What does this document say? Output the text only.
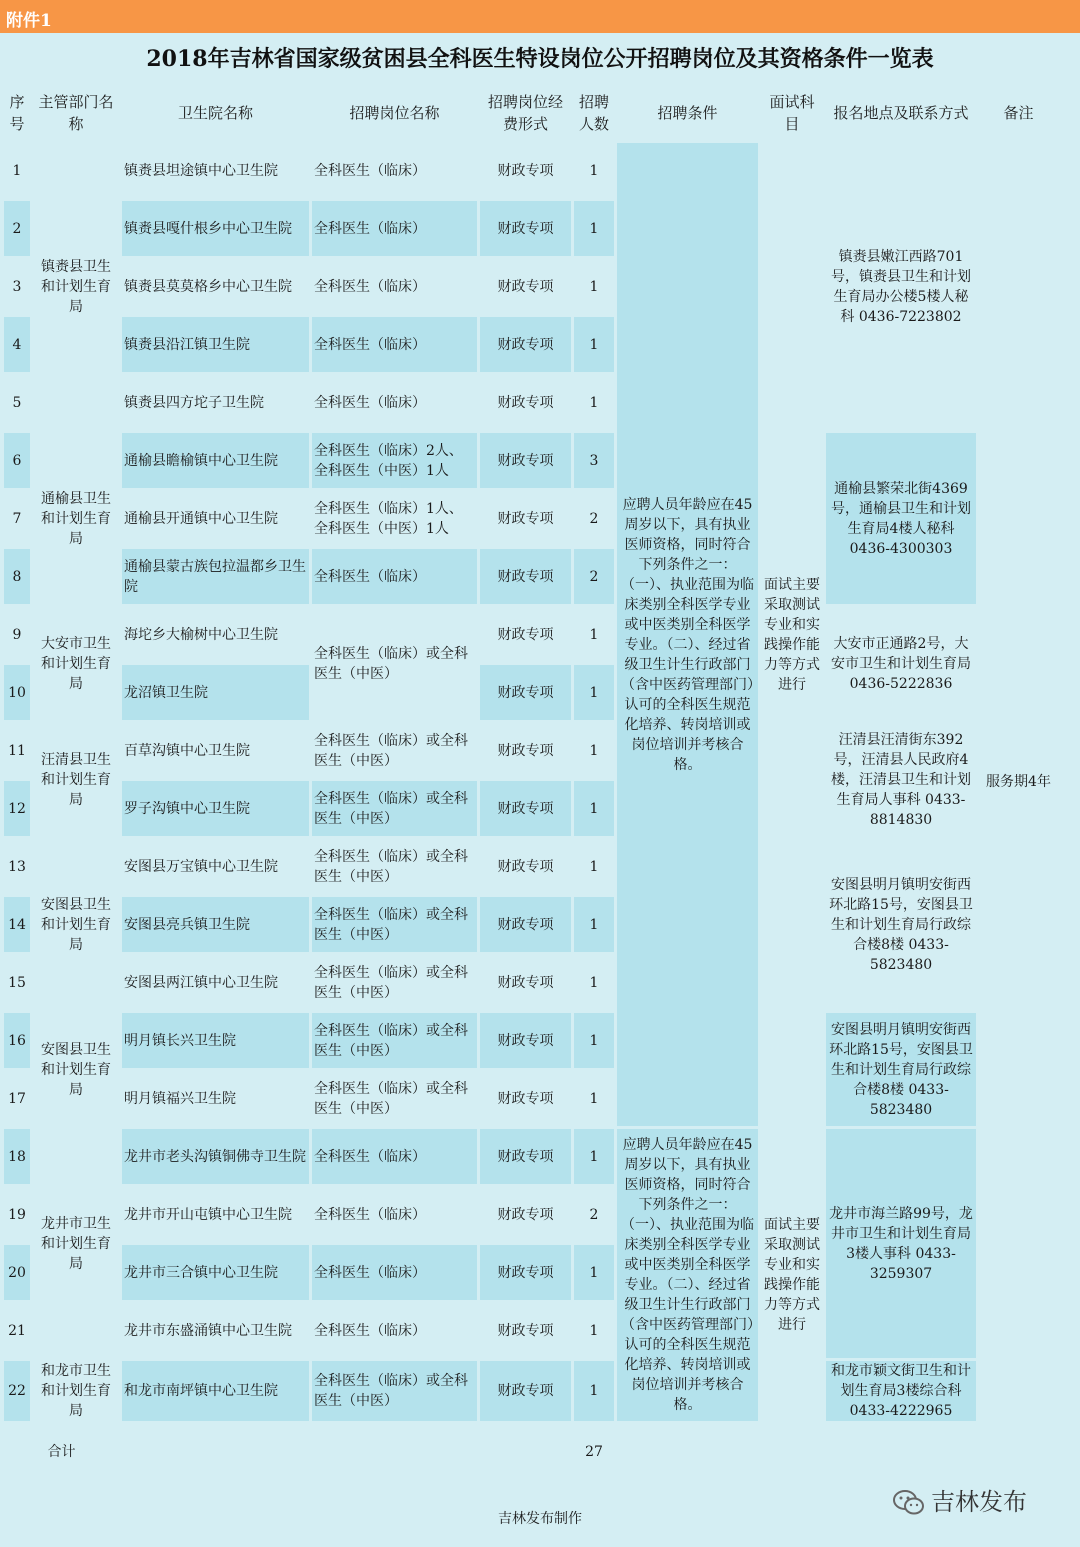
附件1
2018年吉林省国家级贫困县全科医生特设岗位公开招聘岗位及其资格条件一览表
序号	主管部门名称	卫生院名称	招聘岗位名称	招聘岗位经费形式	招聘人数	招聘条件	面试科目	报名地点及联系方式	备注
1	镇赉县卫生和计划生育局	镇赉县坦途镇中心卫生院	全科医生（临床）	财政专项	1	应聘人员年龄应在45周岁以下，具有执业医师资格，同时符合下列条件之一：（一）、执业范围为临床类别全科医学专业或中医类别全科医学专业。（二）、经过省级卫生计生行政部门（含中医药管理部门）认可的全科医生规范化培养、转岗培训或岗位培训并考核合格。	面试主要采取测试专业和实践操作能力等方式进行	镇赉县嫩江西路701号，镇赉县卫生和计划生育局办公楼5楼人秘科 0436-7223802	服务期4年
2		镇赉县嘎什根乡中心卫生院	全科医生（临床）	财政专项	1				
3		镇赉县莫莫格乡中心卫生院	全科医生（临床）	财政专项	1				
4		镇赉县沿江镇卫生院	全科医生（临床）	财政专项	1				
5		镇赉县四方坨子卫生院	全科医生（临床）	财政专项	1				
6	通榆县卫生和计划生育局	通榆县瞻榆镇中心卫生院	全科医生（临床）2人、全科医生（中医）1人	财政专项	3			通榆县繁荣北街4369号，通榆县卫生和计划生育局4楼人秘科 0436-4300303	
7		通榆县开通镇中心卫生院	全科医生（临床）1人、全科医生（中医）1人	财政专项	2				
8		通榆县蒙古族包拉温都乡卫生院	全科医生（临床）	财政专项	2				
9	大安市卫生和计划生育局	海坨乡大榆树中心卫生院	全科医生（临床）或全科医生（中医）	财政专项	1			大安市正通路2号，大安市卫生和计划生育局 0436-5222836	
10		龙沼镇卫生院		财政专项	1				
11	汪清县卫生和计划生育局	百草沟镇中心卫生院	全科医生（临床）或全科医生（中医）	财政专项	1			汪清县汪清街东392号，汪清县人民政府4楼，汪清县卫生和计划生育局人事科 0433-8814830	
12		罗子沟镇中心卫生院	全科医生（临床）或全科医生（中医）	财政专项	1				
13	安图县卫生和计划生育局	安图县万宝镇中心卫生院	全科医生（临床）或全科医生（中医）	财政专项	1			安图县明月镇明安街西环北路15号，安图县卫生和计划生育局行政综合楼8楼 0433-5823480	
14		安图县亮兵镇卫生院	全科医生（临床）或全科医生（中医）	财政专项	1				
15		安图县两江镇中心卫生院	全科医生（临床）或全科医生（中医）	财政专项	1				
16	安图县卫生和计划生育局	明月镇长兴卫生院	全科医生（临床）或全科医生（中医）	财政专项	1			安图县明月镇明安街西环北路15号，安图县卫生和计划生育局行政综合楼8楼 0433-5823480	
17		明月镇福兴卫生院	全科医生（临床）或全科医生（中医）	财政专项	1				
18	龙井市卫生和计划生育局	龙井市老头沟镇铜佛寺卫生院	全科医生（临床）	财政专项	1	应聘人员年龄应在45周岁以下，具有执业医师资格，同时符合下列条件之一：（一）、执业范围为临床类别全科医学专业或中医类别全科医学专业。（二）、经过省级卫生计生行政部门（含中医药管理部门）认可的全科医生规范化培养、转岗培训或岗位培训并考核合格。	面试主要采取测试专业和实践操作能力等方式进行	龙井市海兰路99号，龙井市卫生和计划生育局3楼人事科 0433-3259307	
19		龙井市开山屯镇中心卫生院	全科医生（临床）	财政专项	2				
20		龙井市三合镇中心卫生院	全科医生（临床）	财政专项	1				
21		龙井市东盛涌镇中心卫生院	全科医生（临床）	财政专项	1				
22	和龙市卫生和计划生育局	和龙市南坪镇中心卫生院	全科医生（临床）或全科医生（中医）	财政专项	1			和龙市颖文街卫生和计划生育局3楼综合科 0433-4222965	
合计					27				
吉林发布制作
吉林发布
